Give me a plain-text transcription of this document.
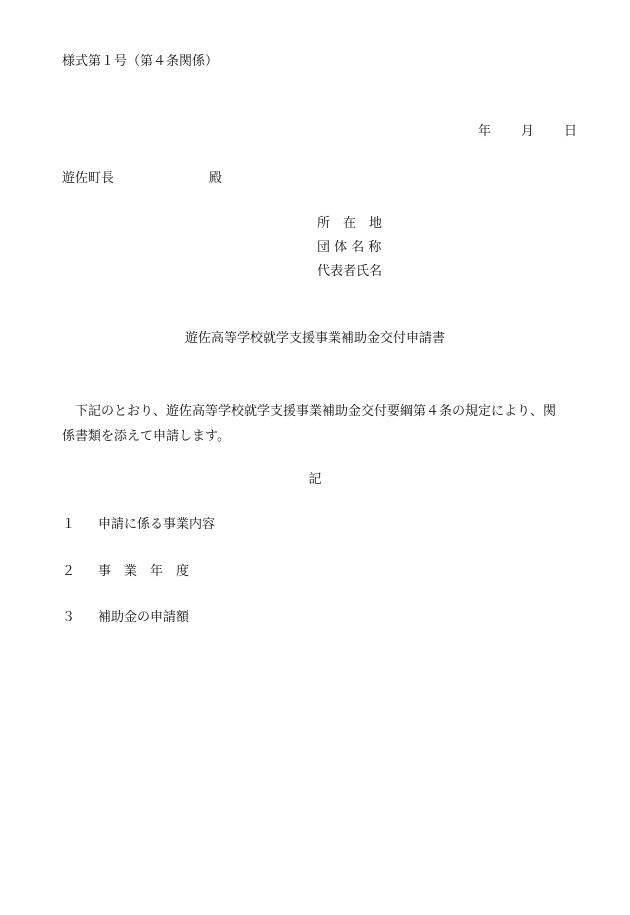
様式第１号（第４条関係）
年 月 日
遊佐町長	殿
所　在　地
団 体 名 称
代表者氏名
遊佐高等学校就学支援事業補助金交付申請書

　下記のとおり、遊佐高等学校就学支援事業補助金交付要綱第４条の規定により、関

係書類を添えて申請します。

記
１ 申請に係る事業内容
２ 事　業　年　度
３ 補助金の申請額
